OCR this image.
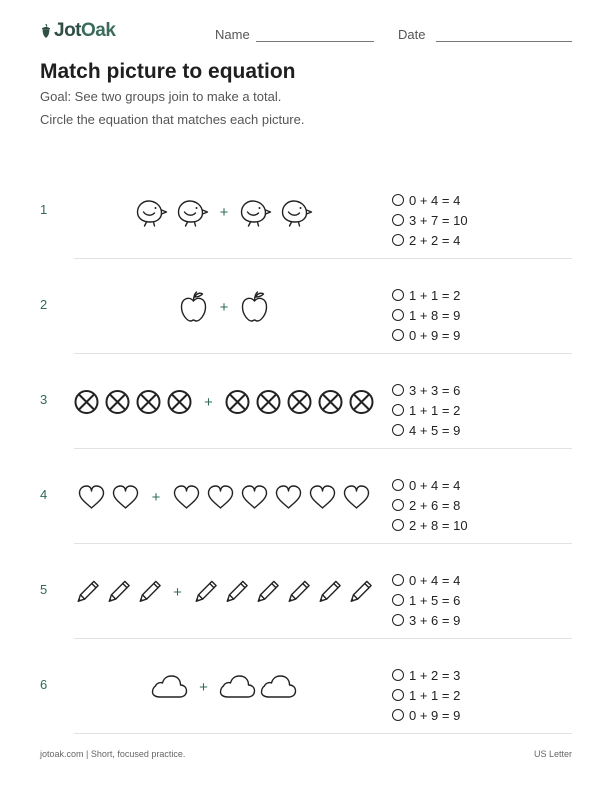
JotOak	Name	Date
Match picture to equation

Goal: See two groups join to make a total.

Circle the equation that matches each picture.

1	+
0 + 4 = 4
3 + 7 = 10
2 + 2 = 4
2	+
1 + 1 = 2
1 + 8 = 9
0 + 9 = 9
3	+
3 + 3 = 6
1 + 1 = 2
4 + 5 = 9
4	+
0 + 4 = 4
2 + 6 = 8
2 + 8 = 10
5	+
0 + 4 = 4
1 + 5 = 6
3 + 6 = 9
6	+
1 + 2 = 3
1 + 1 = 2
0 + 9 = 9
jotoak.com | Short, focused practice.	US Letter
